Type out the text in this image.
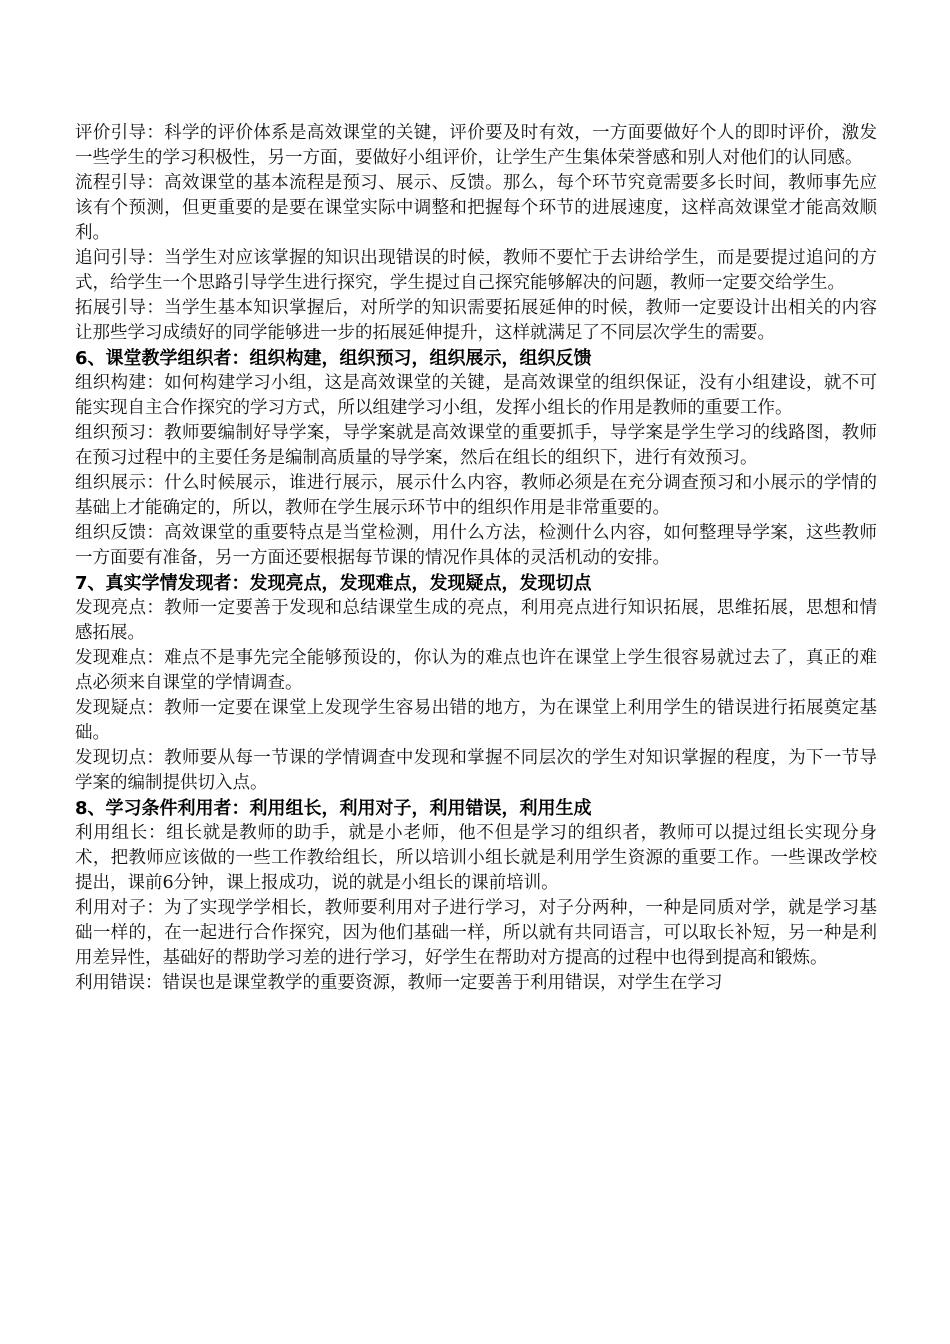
评价引导：科学的评价体系是高效课堂的关键，评价要及时有效，一方面要做好个人的即时评价，激发一些学生的学习积极性，另一方面，要做好小组评价，让学生产生集体荣誉感和别人对他们的认同感。

流程引导：高效课堂的基本流程是预习、展示、反馈。那么，每个环节究竟需要多长时间，教师事先应该有个预测，但更重要的是要在课堂实际中调整和把握每个环节的进展速度，这样高效课堂才能高效顺利。

追问引导：当学生对应该掌握的知识出现错误的时候，教师不要忙于去讲给学生，而是要提过追问的方式，给学生一个思路引导学生进行探究，学生提过自己探究能够解决的问题，教师一定要交给学生。

拓展引导：当学生基本知识掌握后，对所学的知识需要拓展延伸的时候，教师一定要设计出相关的内容让那些学习成绩好的同学能够进一步的拓展延伸提升，这样就满足了不同层次学生的需要。

6、课堂教学组织者：组织构建，组织预习，组织展示，组织反馈

组织构建：如何构建学习小组，这是高效课堂的关键，是高效课堂的组织保证，没有小组建设，就不可能实现自主合作探究的学习方式，所以组建学习小组，发挥小组长的作用是教师的重要工作。

组织预习：教师要编制好导学案，导学案就是高效课堂的重要抓手，导学案是学生学习的线路图，教师在预习过程中的主要任务是编制高质量的导学案，然后在组长的组织下，进行有效预习。

组织展示：什么时候展示，谁进行展示，展示什么内容，教师必须是在充分调查预习和小展示的学情的基础上才能确定的，所以，教师在学生展示环节中的组织作用是非常重要的。

组织反馈：高效课堂的重要特点是当堂检测，用什么方法，检测什么内容，如何整理导学案，这些教师一方面要有准备，另一方面还要根据每节课的情况作具体的灵活机动的安排。

7、真实学情发现者：发现亮点，发现难点，发现疑点，发现切点

发现亮点：教师一定要善于发现和总结课堂生成的亮点，利用亮点进行知识拓展，思维拓展，思想和情感拓展。

发现难点：难点不是事先完全能够预设的，你认为的难点也许在课堂上学生很容易就过去了，真正的难点必须来自课堂的学情调查。

发现疑点：教师一定要在课堂上发现学生容易出错的地方，为在课堂上利用学生的错误进行拓展奠定基础。

发现切点：教师要从每一节课的学情调查中发现和掌握不同层次的学生对知识掌握的程度，为下一节导学案的编制提供切入点。

8、学习条件利用者：利用组长，利用对子，利用错误，利用生成

利用组长：组长就是教师的助手，就是小老师，他不但是学习的组织者，教师可以提过组长实现分身术，把教师应该做的一些工作教给组长，所以培训小组长就是利用学生资源的重要工作。一些课改学校提出，课前6分钟，课上报成功，说的就是小组长的课前培训。

利用对子：为了实现学学相长，教师要利用对子进行学习，对子分两种，一种是同质对学，就是学习基础一样的，在一起进行合作探究，因为他们基础一样，所以就有共同语言，可以取长补短，另一种是利用差异性，基础好的帮助学习差的进行学习，好学生在帮助对方提高的过程中也得到提高和锻炼。

利用错误：错误也是课堂教学的重要资源，教师一定要善于利用错误，对学生在学习
